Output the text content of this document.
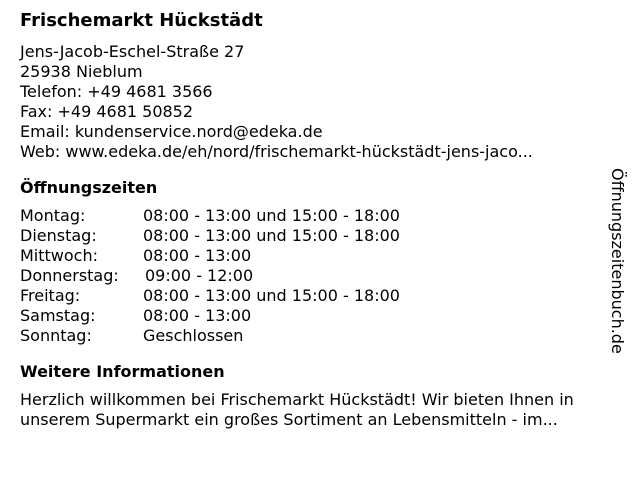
Frischemarkt Hückstädt
Jens-Jacob-Eschel-Straße 27
25938 Nieblum
Telefon: +49 4681 3566
Fax: +49 4681 50852
Email: kundenservice.nord@edeka.de
Web: www.edeka.de/eh/nord/frischemarkt-hückstädt-jens-jaco...
Öffnungszeiten
Montag:	08:00 - 13:00 und 15:00 - 18:00
Dienstag:	08:00 - 13:00 und 15:00 - 18:00
Mittwoch:	08:00 - 13:00
Donnerstag:	09:00 - 12:00
Freitag:	08:00 - 13:00 und 15:00 - 18:00
Samstag:	08:00 - 13:00
Sonntag:	Geschlossen
Weitere Informationen
Herzlich willkommen bei Frischemarkt Hückstädt! Wir bieten Ihnen in unserem Supermarkt ein großes Sortiment an Lebensmitteln - im...
Öffnungszeitenbuch.de
